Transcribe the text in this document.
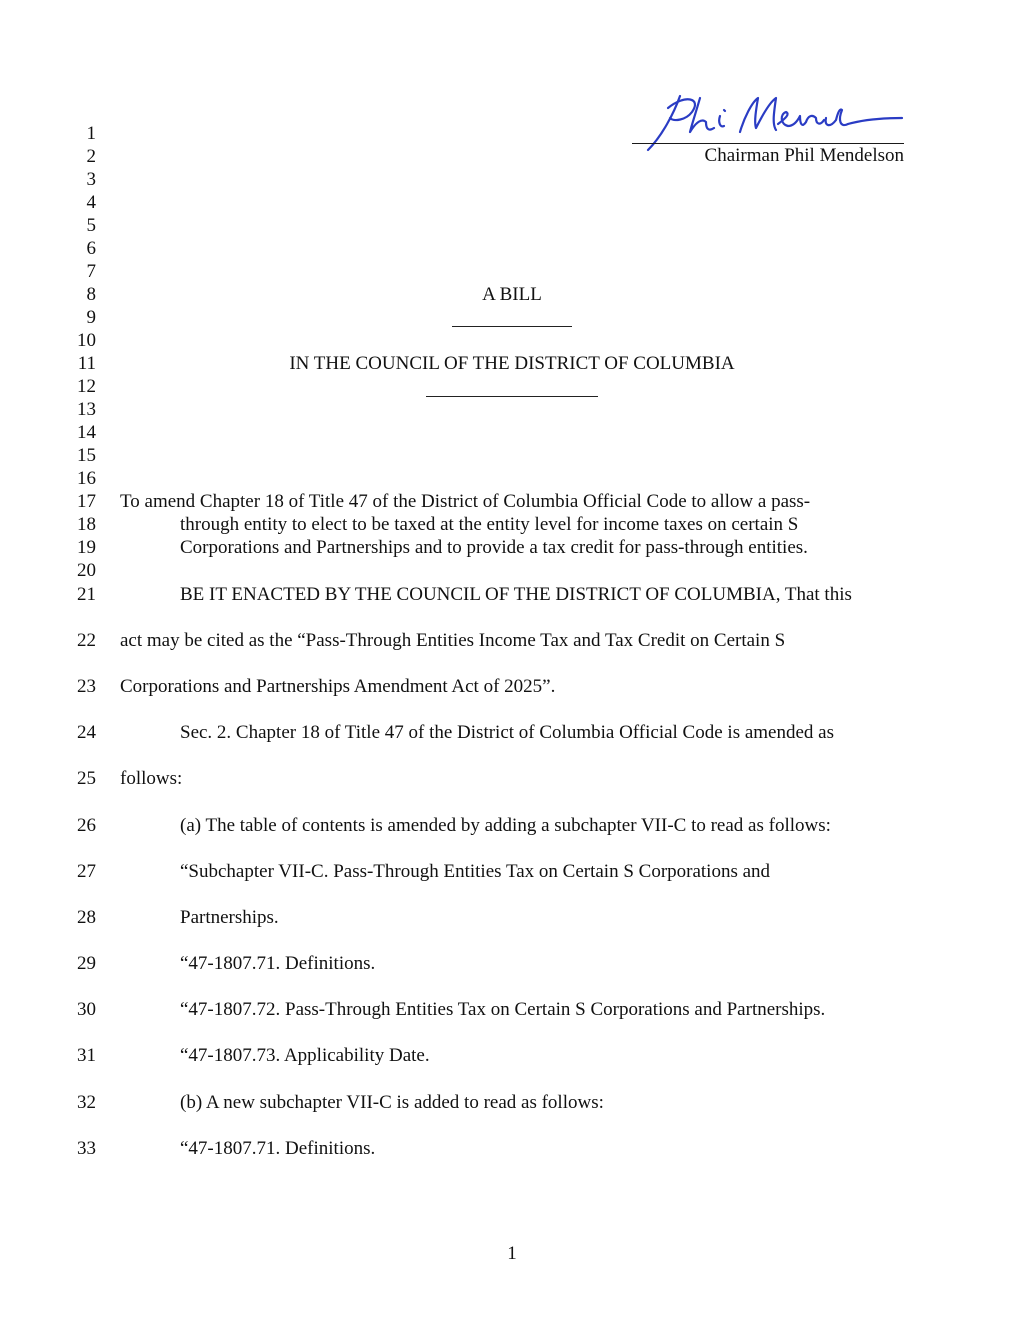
Chairman Phil Mendelson
1
2
3
4
5
6
7
8
9
10
11
12
13
14
15
16
17
18
19
20
21
22
23
24
25
26
27
28
29
30
31
32
33
A BILL
IN THE COUNCIL OF THE DISTRICT OF COLUMBIA
To amend Chapter 18 of Title 47 of the District of Columbia Official Code to allow a pass-
through entity to elect to be taxed at the entity level for income taxes on certain S
Corporations and Partnerships and to provide a tax credit for pass-through entities.
BE IT ENACTED BY THE COUNCIL OF THE DISTRICT OF COLUMBIA, That this
act may be cited as the “Pass-Through Entities Income Tax and Tax Credit on Certain S
Corporations and Partnerships Amendment Act of 2025”.
Sec. 2. Chapter 18 of Title 47 of the District of Columbia Official Code is amended as
follows:
(a) The table of contents is amended by adding a subchapter VII-C to read as follows:
“Subchapter VII-C. Pass-Through Entities Tax on Certain S Corporations and
Partnerships.
“47-1807.71. Definitions.
“47-1807.72. Pass-Through Entities Tax on Certain S Corporations and Partnerships.
“47-1807.73. Applicability Date.
(b) A new subchapter VII-C is added to read as follows:
“47-1807.71. Definitions.
1
